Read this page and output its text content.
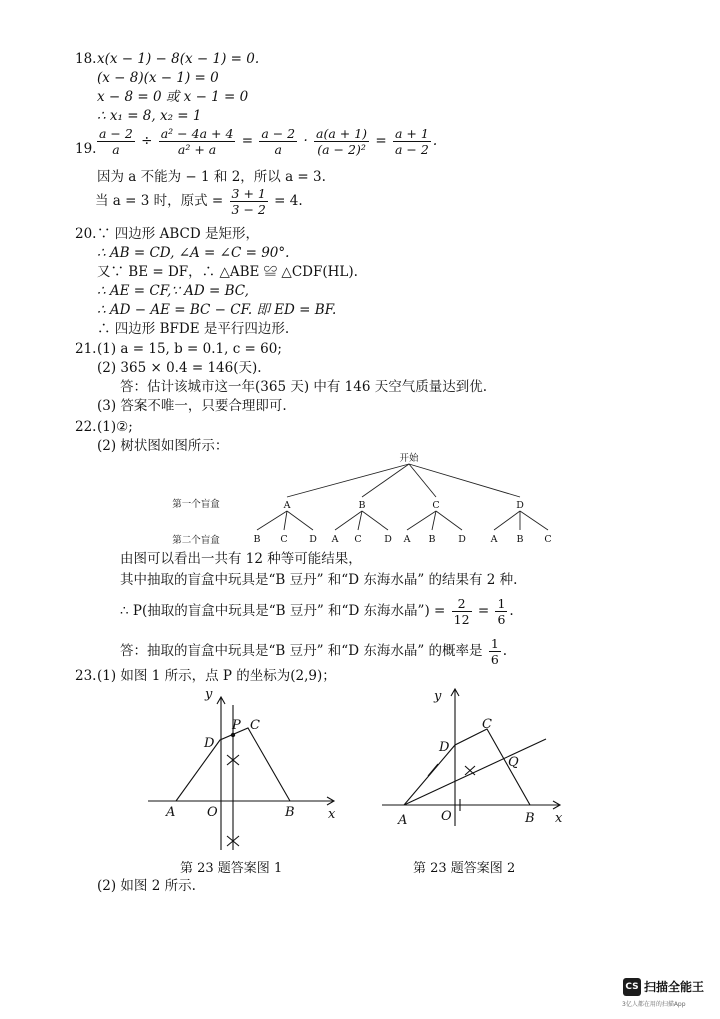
18. x(x − 1) − 8(x − 1) = 0.
(x − 8)(x − 1) = 0
x − 8 = 0 或 x − 1 = 0
∴ x₁ = 8, x₂ = 1
19. $\frac{a - 2}{a} \div \frac{\text{a² − 4a + 4}}{\text{a² + a}} = \frac{a - 2}{a} \cdot \frac{a(a + 1)}{\text{(a − 2)²}} = \frac{a + 1}{a - 2}$ .
因为 a 不能为 − 1 和 2，所以 a = 3.
当 a = 3 时，原式 = $\frac{3 + 1}{3 - 2} = 4$.
20. ∵ 四边形 ABCD 是矩形，
∴ AB = CD, ∠A = ∠C = 90°.
又∵ BE = DF，∴ △ABE ≌ △CDF(HL).
∴ AE = CF,∵ AD = BC,
∴ AD − AE = BC − CF. 即 ED = BF.
∴ 四边形 BFDE 是平行四边形.
21. (1) a = 15, b = 0.1, c = 60;
(2) 365 × 0.4 = 146(天).
答：估计该城市这一年(365 天) 中有 146 天空气质量达到优.
(3) 答案不唯一，只要合理即可.
22. (1)②;
(2) 树状图如图所示：
开始
第一个盲盒
第二个盲盒
A	B	C	D
B C D A C D A B D	A B C
由图可以看出一共有 12 种等可能结果，
其中抽取的盲盒中玩具是“B 豆丹” 和“D 东海水晶” 的结果有 2 种.
∴ P(抽取的盲盒中玩具是“B 豆丹” 和“D 东海水晶”) = $\frac{2}{12} = \frac{1}{6}$ .
答：抽取的盲盒中玩具是“B 豆丹” 和“D 东海水晶” 的概率是 $\frac{1}{6}$ .
23. (1) 如图 1 所示，点 P 的坐标为(2,9)；
y
x
A O	B
D
P C
第 23 题答案图 1
y
x
A	O	B
D
C
Q
第 23 题答案图 2
(2) 如图 2 所示.
CS 扫描全能王
3亿人都在用的扫描App
